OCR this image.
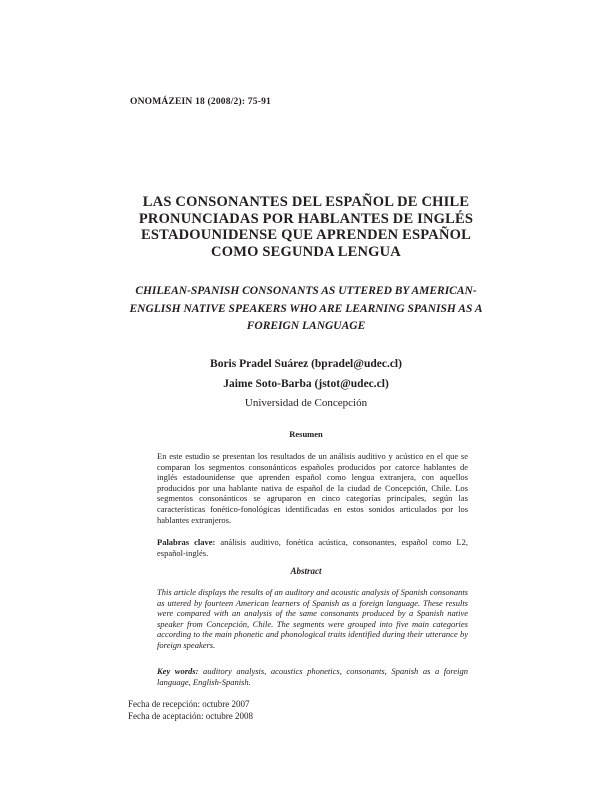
ONOMÁZEIN 18 (2008/2): 75-91
LAS CONSONANTES DEL ESPAÑOL DE CHILE PRONUNCIADAS POR HABLANTES DE INGLÉS ESTADOUNIDENSE QUE APRENDEN ESPAÑOL COMO SEGUNDA LENGUA
CHILEAN-SPANISH CONSONANTS AS UTTERED BY AMERICAN-ENGLISH NATIVE SPEAKERS WHO ARE LEARNING SPANISH AS A FOREIGN LANGUAGE
Boris Pradel Suárez (bpradel@udec.cl)
Jaime Soto-Barba (jstot@udec.cl)
Universidad de Concepción
Resumen
En este estudio se presentan los resultados de un análisis auditivo y acústico en el que se comparan los segmentos consonánticos españoles producidos por catorce hablantes de inglés estadounidense que aprenden español como lengua extranjera, con aquellos producidos por una hablante nativa de español de la ciudad de Concepción, Chile. Los segmentos consonánticos se agruparon en cinco categorías principales, según las características fonético-fonológicas identificadas en estos sonidos articulados por los hablantes extranjeros.
Palabras clave: análisis auditivo, fonética acústica, consonantes, español como L2, español-inglés.
Abstract
This article displays the results of an auditory and acoustic analysis of Spanish consonants as uttered by fourteen American learners of Spanish as a foreign language. These results were compared with an analysis of the same consonants produced by a Spanish native speaker from Concepción, Chile. The segments were grouped into five main categories according to the main phonetic and phonological traits identified during their utterance by foreign speakers.
Key words: auditory analysis, acoustics phonetics, consonants, Spanish as a foreign language, English-Spanish.
Fecha de recepción: octubre 2007
Fecha de aceptación: octubre 2008
